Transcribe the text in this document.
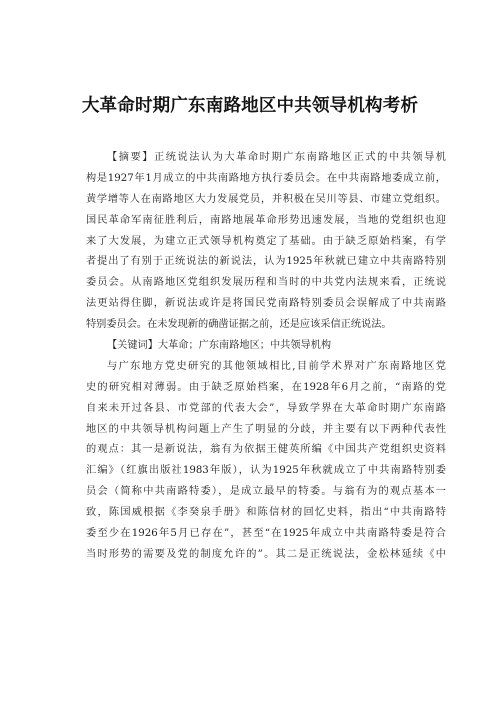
大革命时期广东南路地区中共领导机构考析
【摘要】正统说法认为大革命时期广东南路地区正式的中共领导机
构是1927年1月成立的中共南路地方执行委员会。在中共南路地委成立前，
黄学增等人在南路地区大力发展党员，并积极在吴川等县、市建立党组织。
国民革命军南征胜利后，南路地展革命形势迅速发展，当地的党组织也迎
来了大发展，为建立正式领导机构奠定了基础。由于缺乏原始档案，有学
者提出了有别于正统说法的新说法，认为1925年秋就已建立中共南路特别
委员会。从南路地区党组织发展历程和当时的中共党内法规来看，正统说
法更站得住脚，新说法或许是将国民党南路特别委员会误解成了中共南路
特别委员会。在未发现新的确凿证据之前，还是应该采信正统说法。
【关键词】大革命；广东南路地区；中共领导机构
与广东地方党史研究的其他领域相比,目前学术界对广东南路地区党
史的研究相对薄弱。由于缺乏原始档案，在1928年6月之前，“南路的党
自来未开过各县、市党部的代表大会”，导致学界在大革命时期广东南路
地区的中共领导机构问题上产生了明显的分歧，并主要有以下两种代表性
的观点：其一是新说法，翁有为依据王健英所编《中国共产党组织史资料
汇编》（红旗出版社1983年版），认为1925年秋就成立了中共南路特别委
员会（简称中共南路特委），是成立最早的特委。与翁有为的观点基本一
致，陈国威根据《李癸泉手册》和陈信材的回忆史料，指出“中共南路特
委至少在1926年5月已存在”，甚至“在1925年成立中共南路特委是符合
当时形势的需要及党的制度允许的”。其二是正统说法，金松林延续《中
